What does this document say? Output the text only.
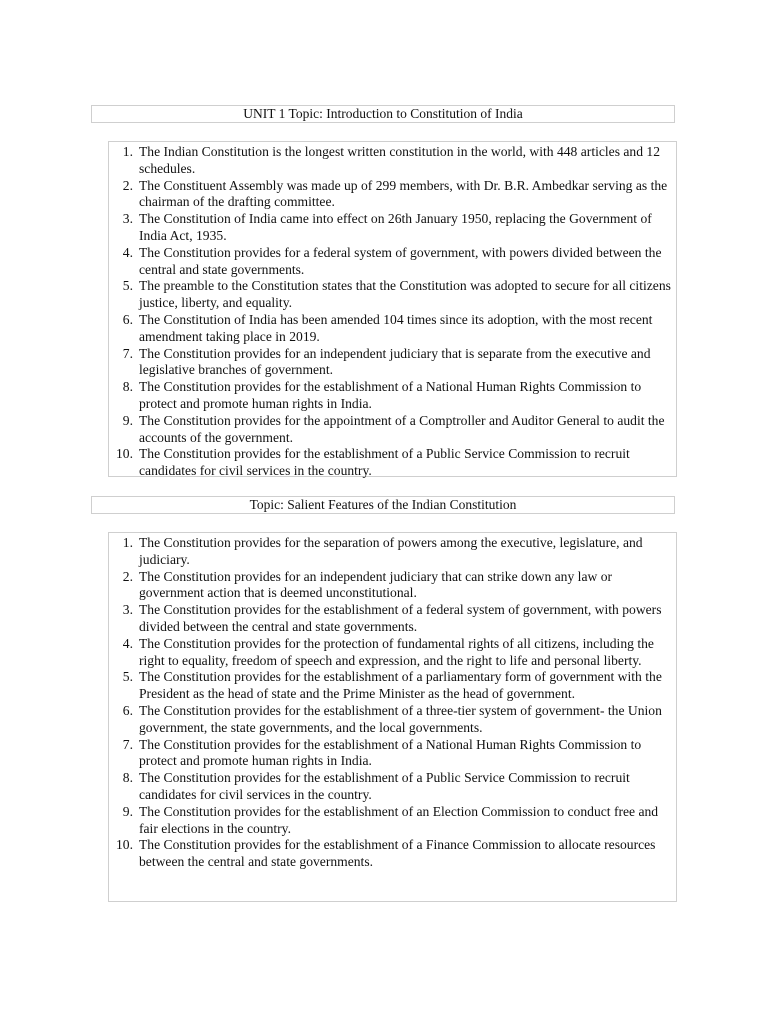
UNIT 1 Topic: Introduction to Constitution of India
1. The Indian Constitution is the longest written constitution in the world, with 448 articles and 12 schedules.
2. The Constituent Assembly was made up of 299 members, with Dr. B.R. Ambedkar serving as the chairman of the drafting committee.
3. The Constitution of India came into effect on 26th January 1950, replacing the Government of India Act, 1935.
4. The Constitution provides for a federal system of government, with powers divided between the central and state governments.
5. The preamble to the Constitution states that the Constitution was adopted to secure for all citizens justice, liberty, and equality.
6. The Constitution of India has been amended 104 times since its adoption, with the most recent amendment taking place in 2019.
7. The Constitution provides for an independent judiciary that is separate from the executive and legislative branches of government.
8. The Constitution provides for the establishment of a National Human Rights Commission to protect and promote human rights in India.
9. The Constitution provides for the appointment of a Comptroller and Auditor General to audit the accounts of the government.
10. The Constitution provides for the establishment of a Public Service Commission to recruit candidates for civil services in the country.
Topic: Salient Features of the Indian Constitution
1. The Constitution provides for the separation of powers among the executive, legislature, and judiciary.
2. The Constitution provides for an independent judiciary that can strike down any law or government action that is deemed unconstitutional.
3. The Constitution provides for the establishment of a federal system of government, with powers divided between the central and state governments.
4. The Constitution provides for the protection of fundamental rights of all citizens, including the right to equality, freedom of speech and expression, and the right to life and personal liberty.
5. The Constitution provides for the establishment of a parliamentary form of government with the President as the head of state and the Prime Minister as the head of government.
6. The Constitution provides for the establishment of a three-tier system of government- the Union government, the state governments, and the local governments.
7. The Constitution provides for the establishment of a National Human Rights Commission to protect and promote human rights in India.
8. The Constitution provides for the establishment of a Public Service Commission to recruit candidates for civil services in the country.
9. The Constitution provides for the establishment of an Election Commission to conduct free and fair elections in the country.
10. The Constitution provides for the establishment of a Finance Commission to allocate resources between the central and state governments.
